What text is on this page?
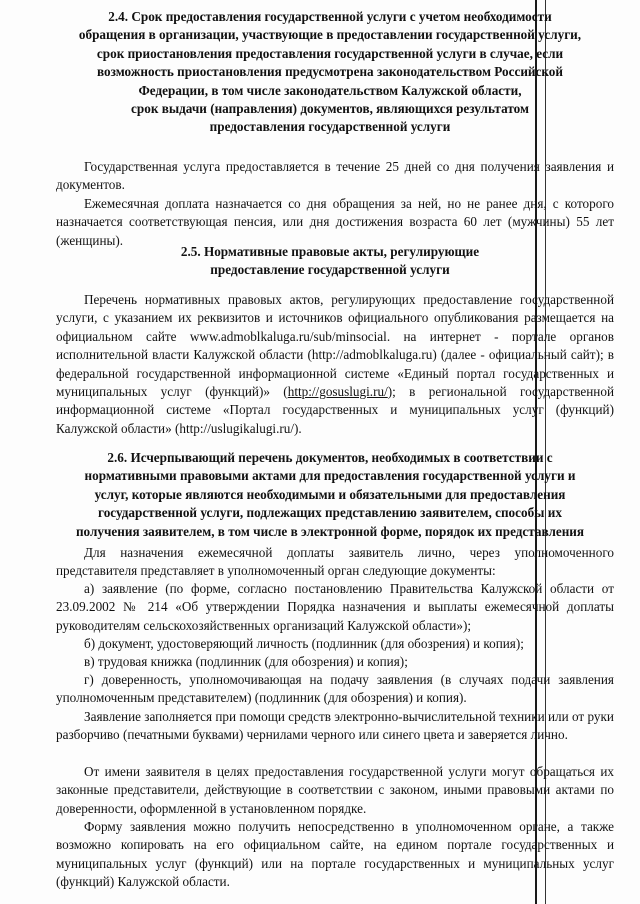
2.4. Срок предоставления государственной услуги с учетом необходимости
обращения в организации, участвующие в предоставлении государственной услуги,
срок приостановления предоставления государственной услуги в случае, если
возможность приостановления предусмотрена законодательством Российской
Федерации, в том числе законодательством Калужской области,
срок выдачи (направления) документов, являющихся результатом
предоставления государственной услуги
Государственная услуга предоставляется в течение 25 дней со дня получения заявления и документов.
Ежемесячная доплата назначается со дня обращения за ней, но не ранее дня, с которого назначается соответствующая пенсия, или дня достижения возраста 60 лет (мужчины) 55 лет (женщины).
2.5. Нормативные правовые акты, регулирующие
предоставление государственной услуги
Перечень нормативных правовых актов, регулирующих предоставление государственной услуги, с указанием их реквизитов и источников официального опубликования размещается на официальном сайте www.admoblkaluga.ru/sub/minsocial. на интернет - портале органов исполнительной власти Калужской области (http://admoblkaluga.ru) (далее - официальный сайт); в федеральной государственной информационной системе «Единый портал государственных и муниципальных услуг (функций)» (http://gosuslugi.ru/); в региональной государственной информационной системе «Портал государственных и муниципальных услуг (функций) Калужской области» (http://uslugikalugi.ru/).
2.6. Исчерпывающий перечень документов, необходимых в соответствии с
нормативными правовыми актами для предоставления государственной услуги и
услуг, которые являются необходимыми и обязательными для предоставления
государственной услуги, подлежащих представлению заявителем, способы их
получения заявителем, в том числе в электронной форме, порядок их представления
Для назначения ежемесячной доплаты заявитель лично, через уполномоченного представителя представляет в уполномоченный орган следующие документы:
а) заявление (по форме, согласно постановлению Правительства Калужской области от 23.09.2002 № 214 «Об утверждении Порядка назначения и выплаты ежемесячной доплаты руководителям сельскохозяйственных организаций Калужской области»);
б) документ, удостоверяющий личность (подлинник (для обозрения) и копия);
в) трудовая книжка (подлинник (для обозрения) и копия);
г) доверенность, уполномочивающая на подачу заявления (в случаях подачи заявления уполномоченным представителем) (подлинник (для обозрения) и копия).
Заявление заполняется при помощи средств электронно-вычислительной техники или от руки разборчиво (печатными буквами) чернилами черного или синего цвета и заверяется лично.
От имени заявителя в целях предоставления государственной услуги могут обращаться их законные представители, действующие в соответствии с законом, иными правовыми актами по доверенности, оформленной в установленном порядке.
Форму заявления можно получить непосредственно в уполномоченном органе, а также возможно копировать на его официальном сайте, на едином портале государственных и муниципальных услуг (функций) или на портале государственных и муниципальных услуг (функций) Калужской области.
